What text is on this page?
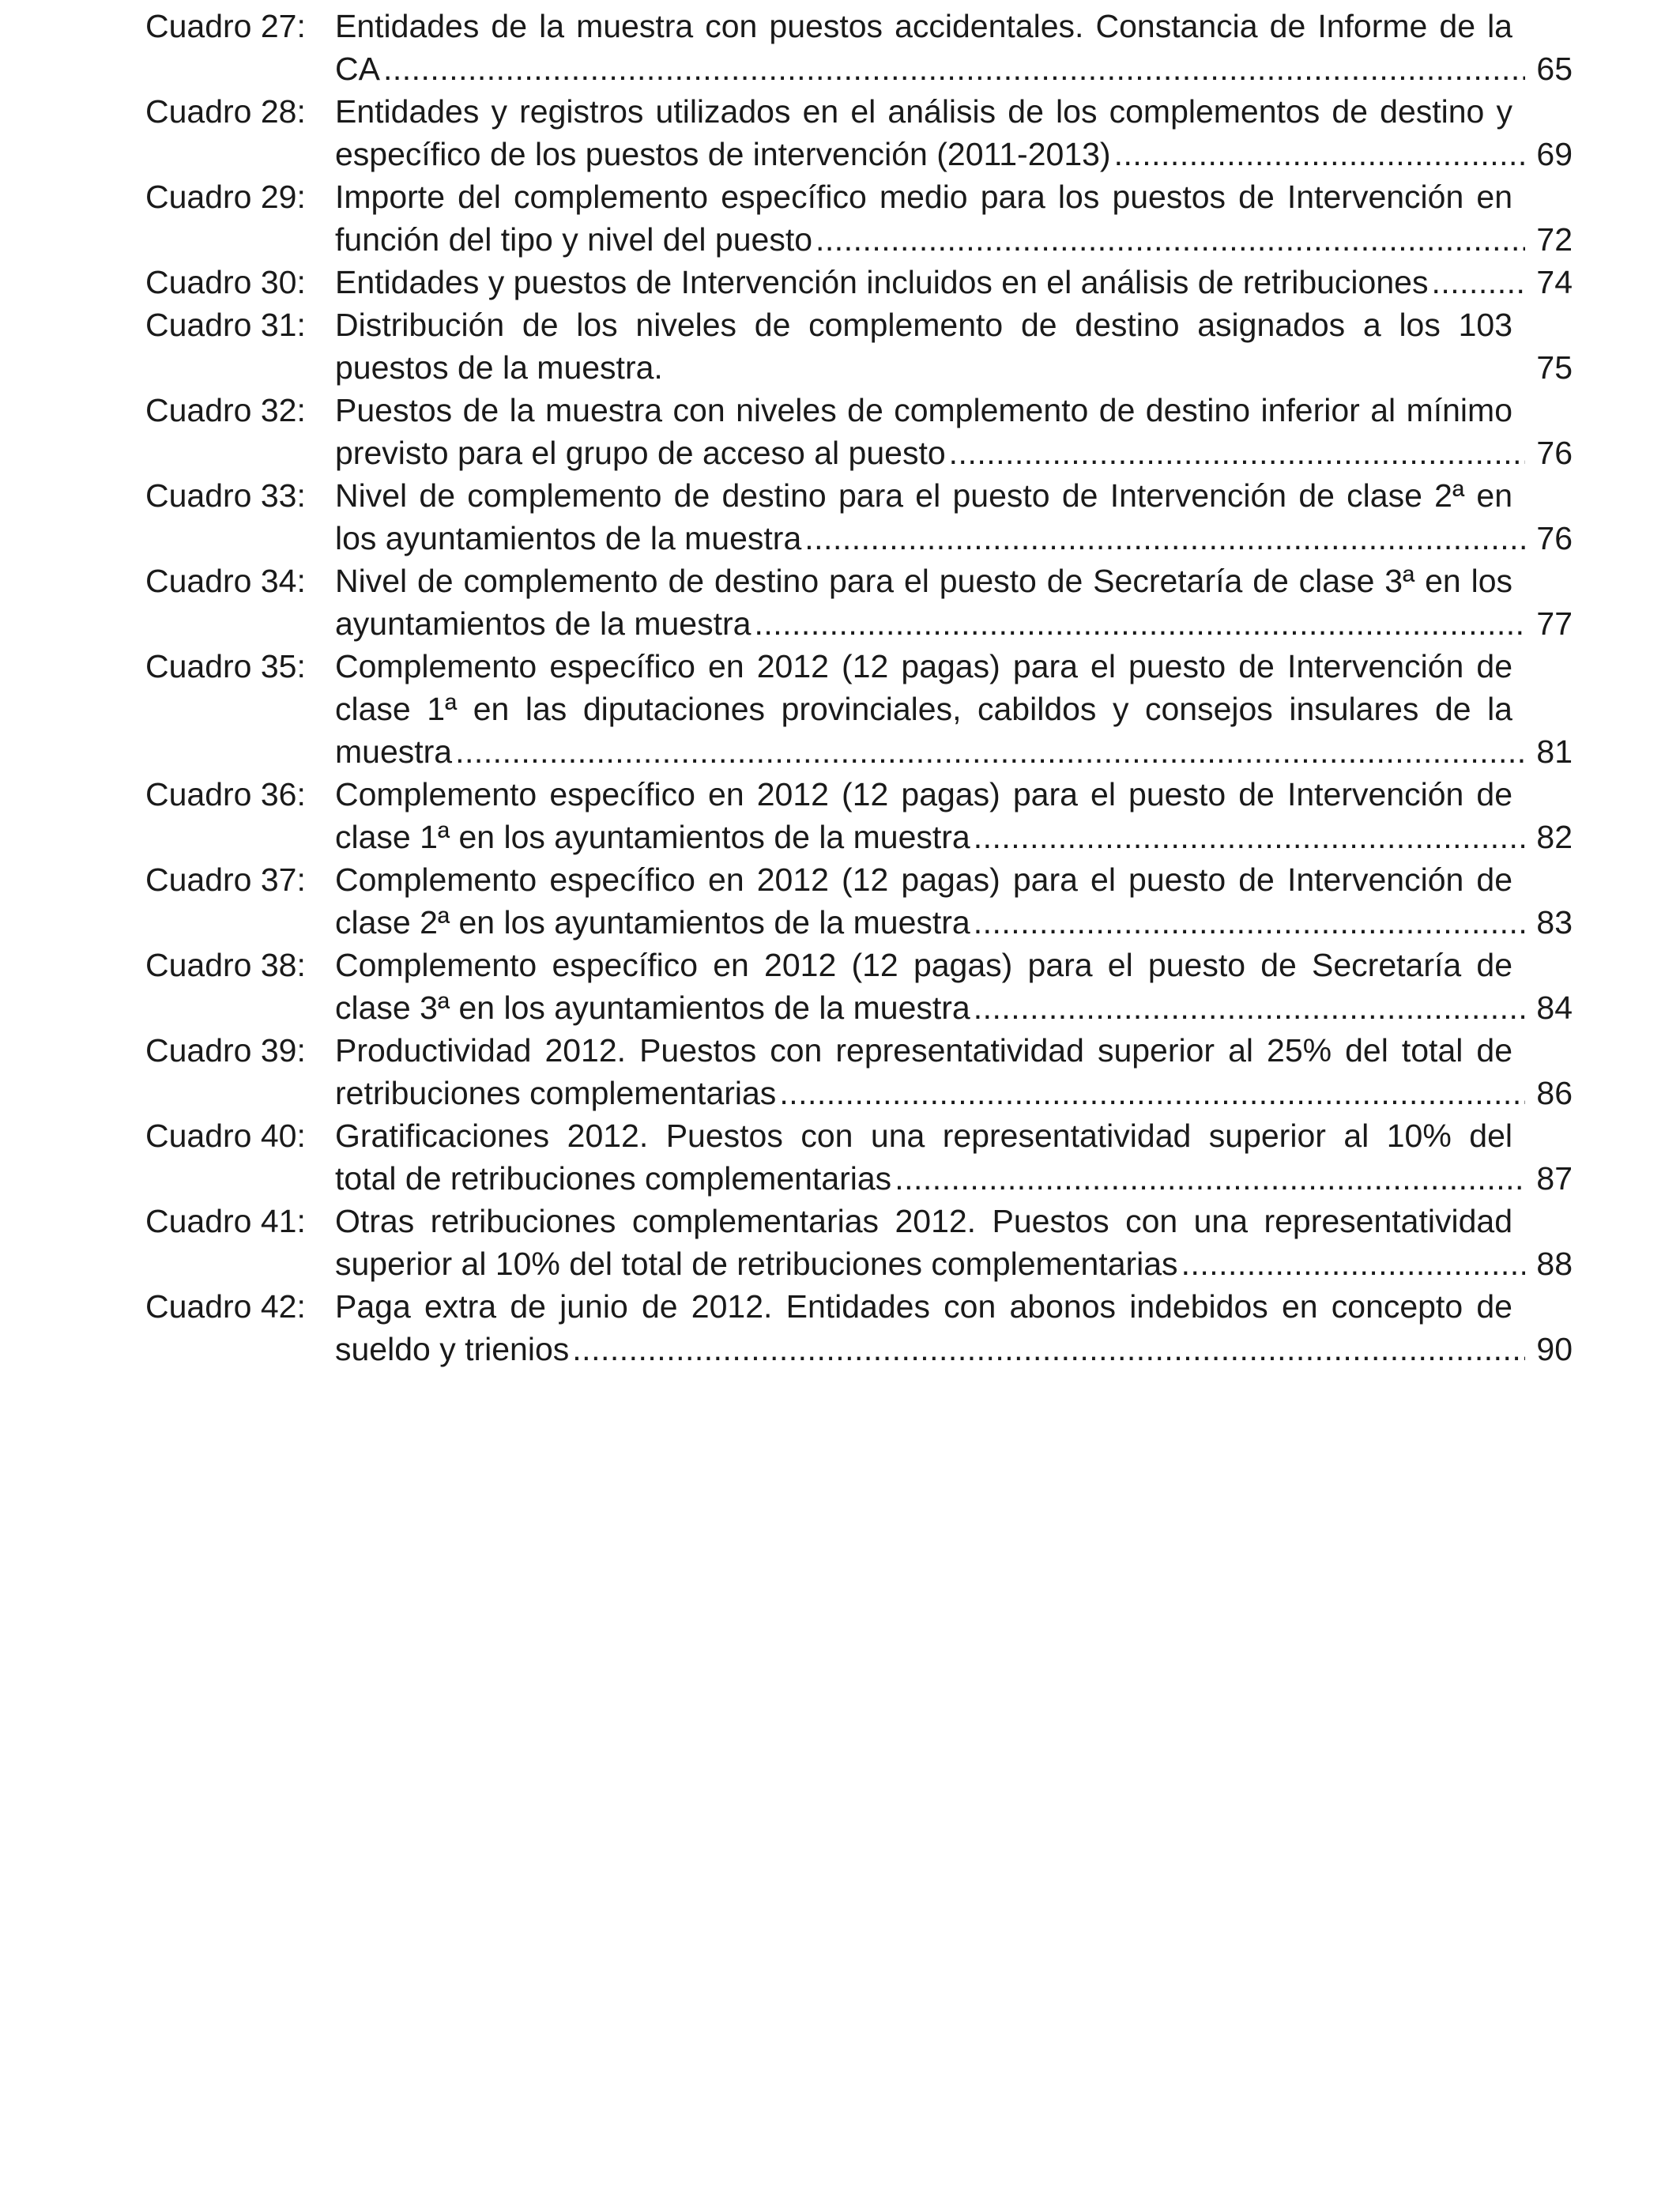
Cuadro 27: Entidades de la muestra con puestos accidentales. Constancia de Informe de la
CA .....	65
Cuadro 28: Entidades y registros utilizados en el análisis de los complementos de destino y
específico de los puestos de intervención (2011-2013) .....	69
Cuadro 29: Importe del complemento específico medio para los puestos de Intervención en
función del tipo y nivel del puesto .....	72
Cuadro 30: Entidades y puestos de Intervención incluidos en el análisis de retribuciones .....	74
Cuadro 31: Distribución de los niveles de complemento de destino asignados a los 103
puestos de la muestra.	75
Cuadro 32: Puestos de la muestra con niveles de complemento de destino inferior al mínimo
previsto para el grupo de acceso al puesto .....	76
Cuadro 33: Nivel de complemento de destino para el puesto de Intervención de clase 2ª en
los ayuntamientos de la muestra .....	76
Cuadro 34: Nivel de complemento de destino para el puesto de Secretaría de clase 3ª en los
ayuntamientos de la muestra .....	77
Cuadro 35: Complemento específico en 2012 (12 pagas) para el puesto de Intervención de
clase 1ª en las diputaciones provinciales, cabildos y consejos insulares de la
muestra .....	81
Cuadro 36: Complemento específico en 2012 (12 pagas) para el puesto de Intervención de
clase 1ª en los ayuntamientos de la muestra .....	82
Cuadro 37: Complemento específico en 2012 (12 pagas) para el puesto de Intervención de
clase 2ª en los ayuntamientos de la muestra .....	83
Cuadro 38: Complemento específico en 2012 (12 pagas) para el puesto de Secretaría de
clase 3ª en los ayuntamientos de la muestra .....	84
Cuadro 39: Productividad 2012. Puestos con representatividad superior al 25% del total de
retribuciones complementarias .....	86
Cuadro 40: Gratificaciones 2012. Puestos con una representatividad superior al 10% del
total de retribuciones complementarias .....	87
Cuadro 41: Otras retribuciones complementarias 2012. Puestos con una representatividad
superior al 10% del total de retribuciones complementarias .....	88
Cuadro 42: Paga extra de junio de 2012. Entidades con abonos indebidos en concepto de
sueldo y trienios .....	90
